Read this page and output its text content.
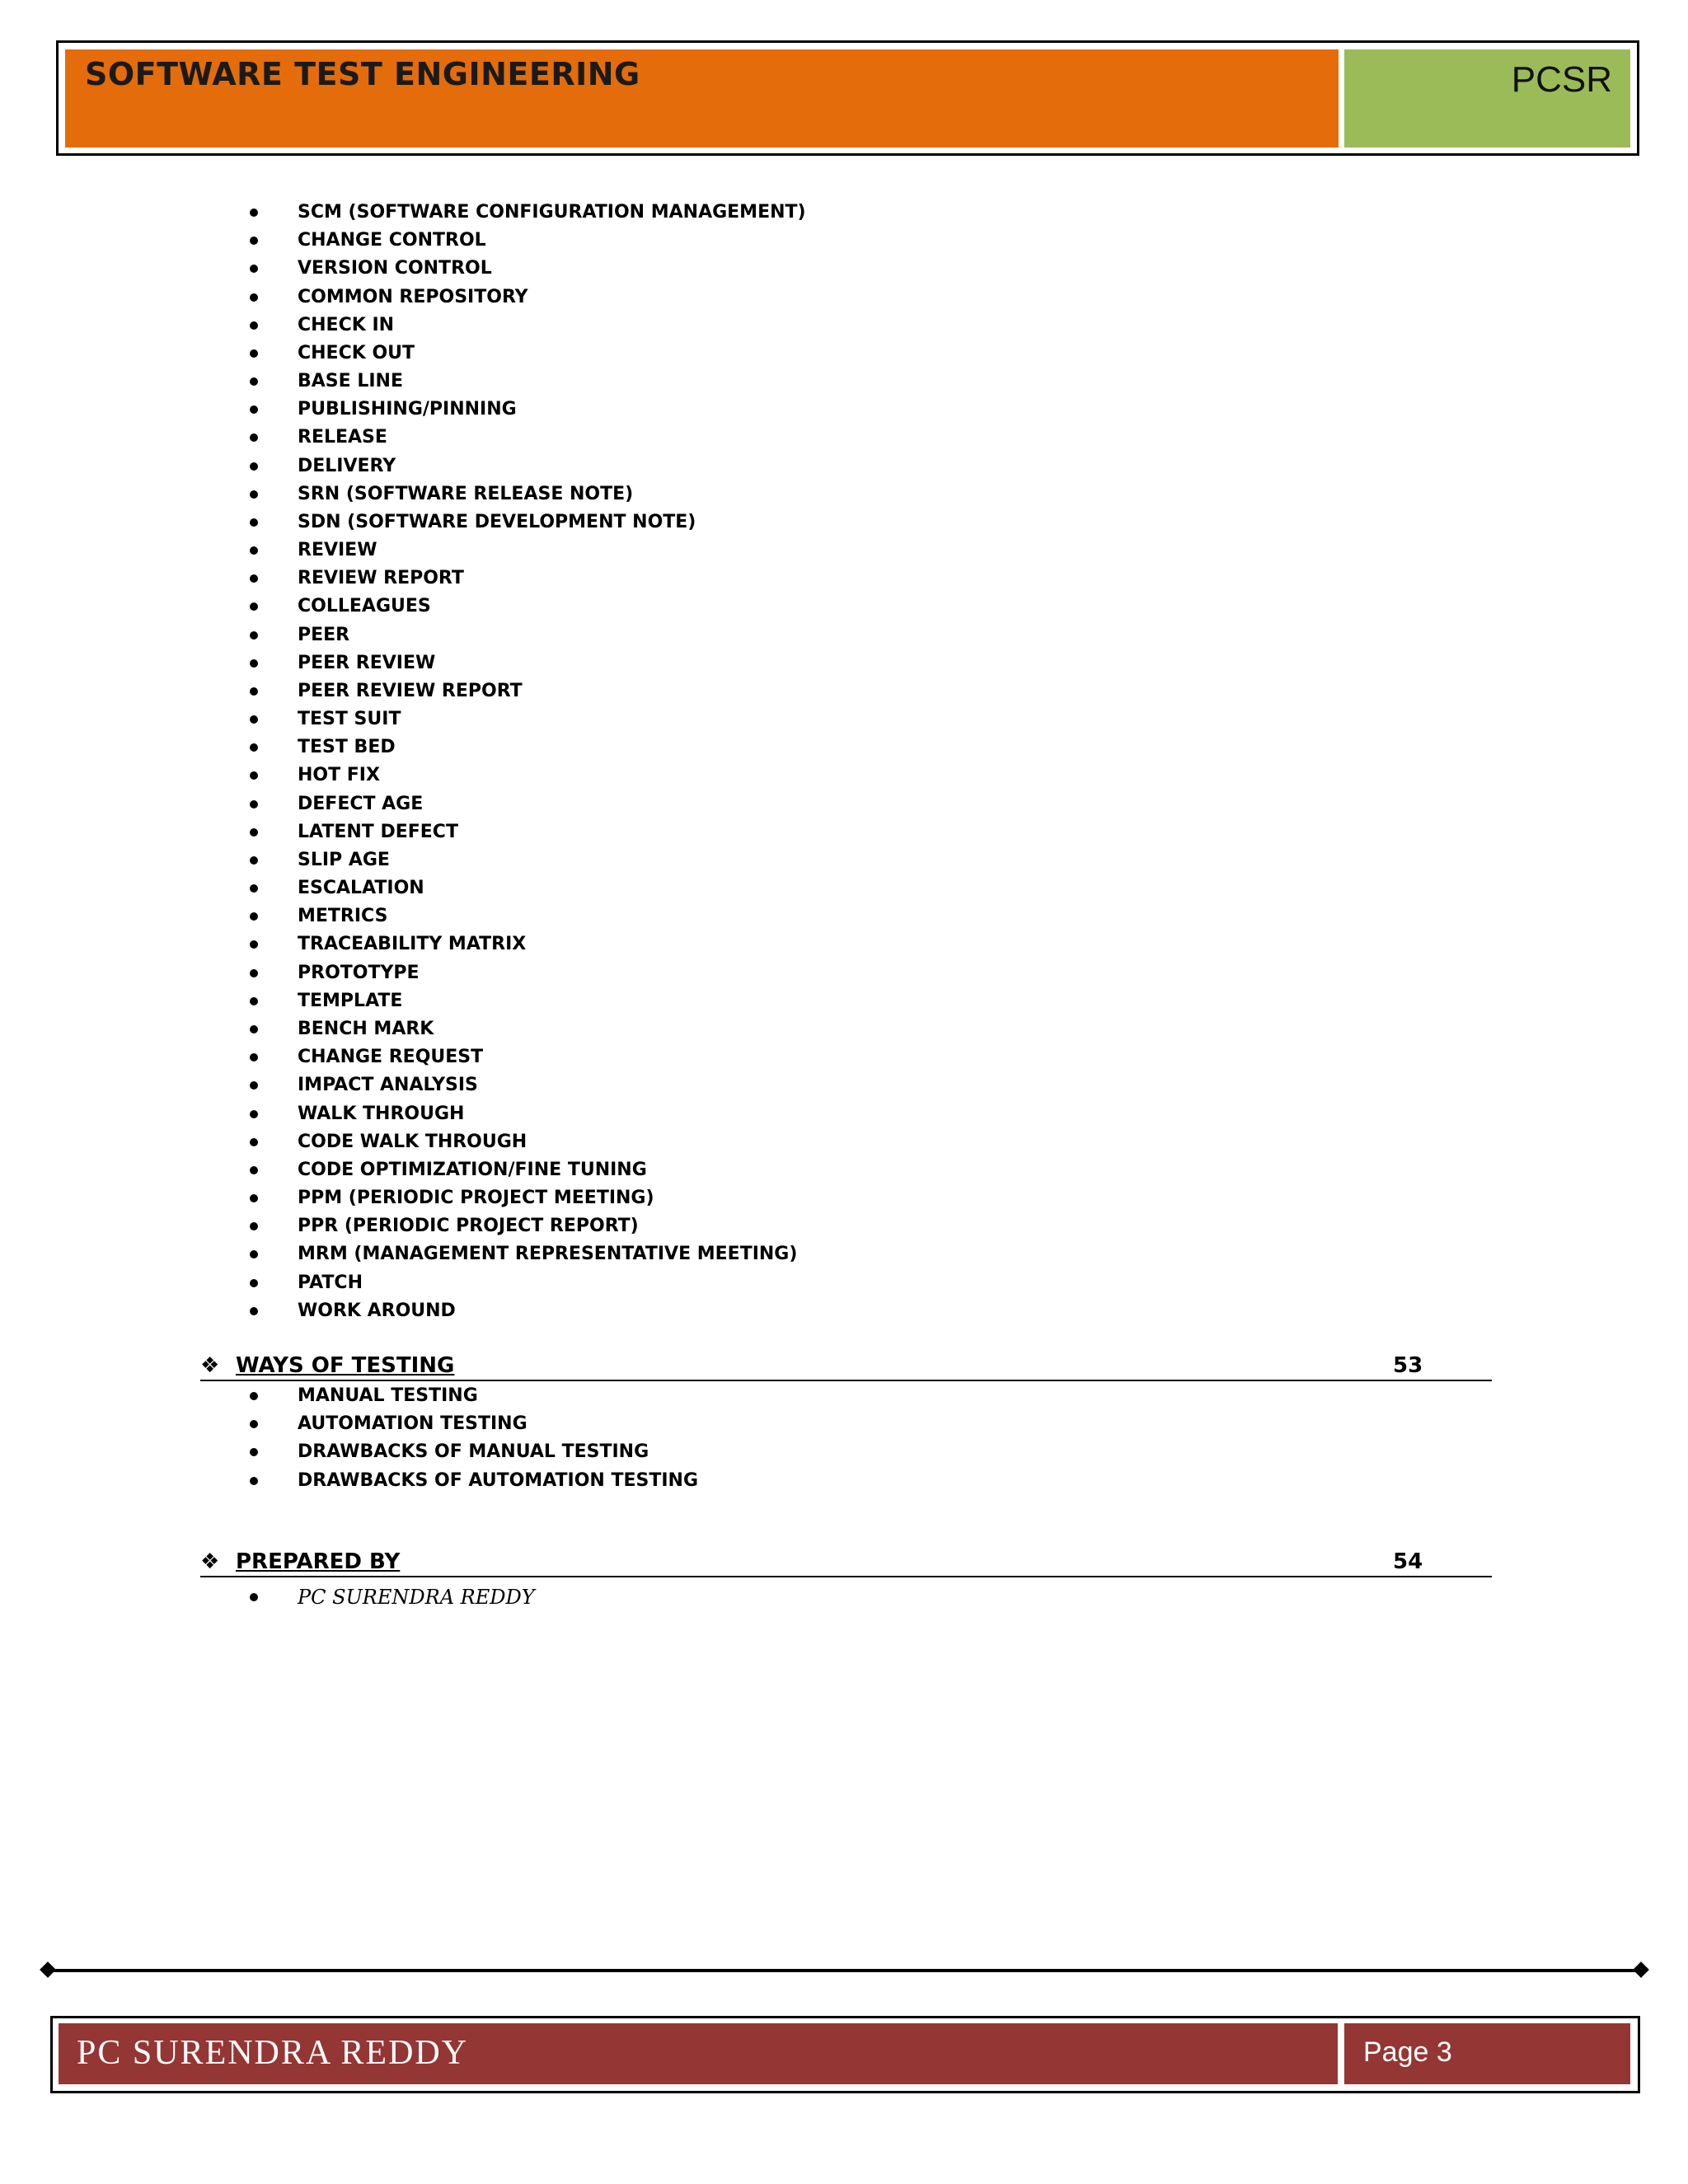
SOFTWARE TEST ENGINEERING	PCSR
SCM (SOFTWARE CONFIGURATION MANAGEMENT)
CHANGE CONTROL
VERSION CONTROL
COMMON REPOSITORY
CHECK IN
CHECK OUT
BASE LINE
PUBLISHING/PINNING
RELEASE
DELIVERY
SRN (SOFTWARE RELEASE NOTE)
SDN (SOFTWARE DEVELOPMENT NOTE)
REVIEW
REVIEW REPORT
COLLEAGUES
PEER
PEER REVIEW
PEER REVIEW REPORT
TEST SUIT
TEST BED
HOT FIX
DEFECT AGE
LATENT DEFECT
SLIP AGE
ESCALATION
METRICS
TRACEABILITY MATRIX
PROTOTYPE
TEMPLATE
BENCH MARK
CHANGE REQUEST
IMPACT ANALYSIS
WALK THROUGH
CODE WALK THROUGH
CODE OPTIMIZATION/FINE TUNING
PPM (PERIODIC PROJECT MEETING)
PPR (PERIODIC PROJECT REPORT)
MRM (MANAGEMENT REPRESENTATIVE MEETING)
PATCH
WORK AROUND
❖ WAYS OF TESTING	53
MANUAL TESTING
AUTOMATION TESTING
DRAWBACKS OF MANUAL TESTING
DRAWBACKS OF AUTOMATION TESTING
❖ PREPARED BY	54
PC SURENDRA REDDY
PC SURENDRA REDDY	Page 3
